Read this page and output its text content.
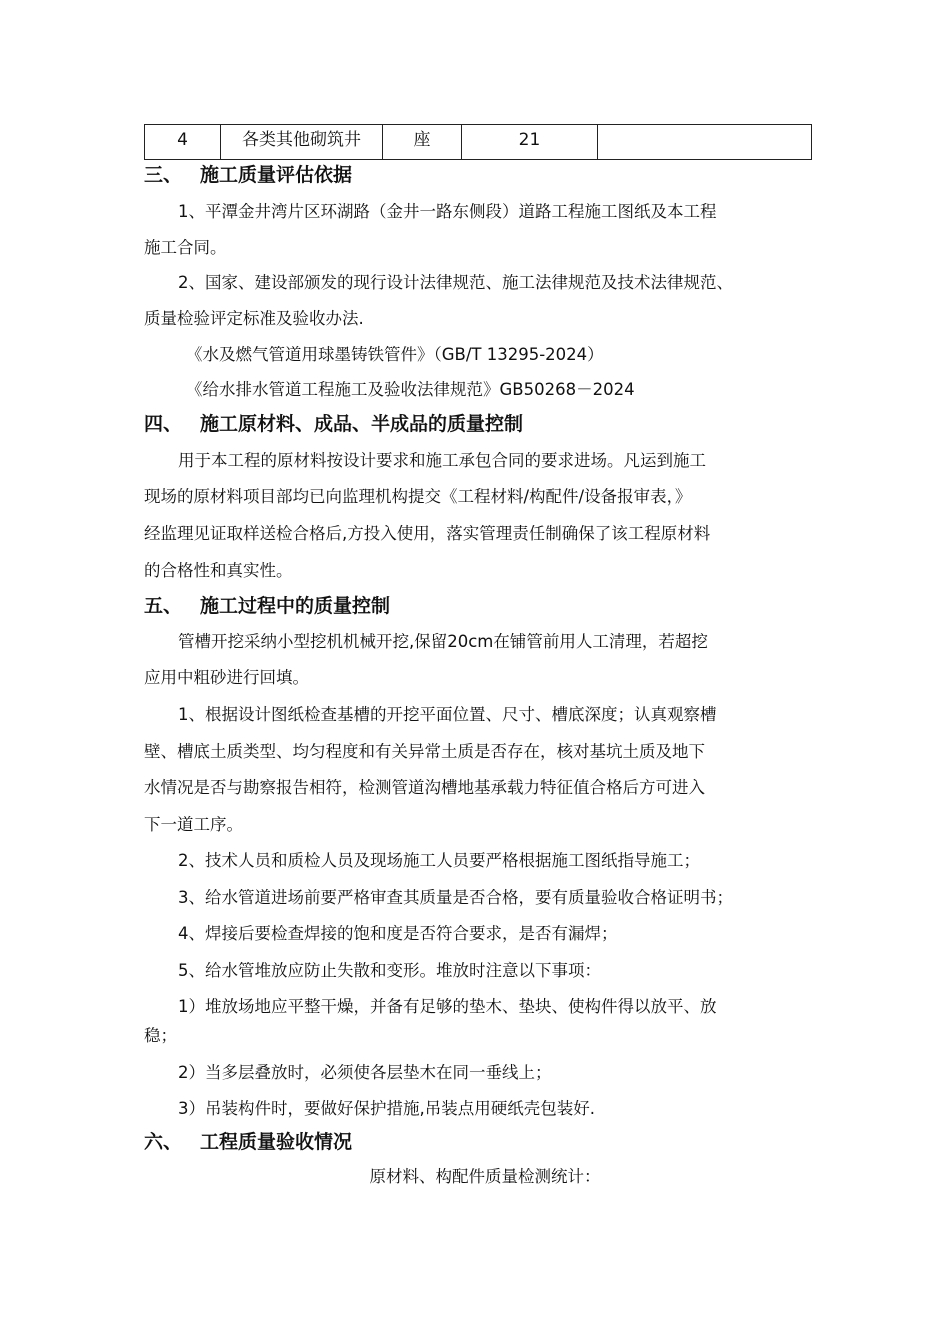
4	各类其他砌筑井	座	21	
三、 施工质量评估依据
1、平潭金井湾片区环湖路（金井一路东侧段）道路工程施工图纸及本工程
施工合同。
2、国家、建设部颁发的现行设计法律规范、施工法律规范及技术法律规范、
质量检验评定标准及验收办法.
《水及燃气管道用球墨铸铁管件》（GB/T 13295-2024）
《给水排水管道工程施工及验收法律规范》GB50268－2024
四、 施工原材料、成品、半成品的质量控制
用于本工程的原材料按设计要求和施工承包合同的要求进场。凡运到施工
现场的原材料项目部均已向监理机构提交《工程材料/构配件/设备报审表，》
经监理见证取样送检合格后,方投入使用，落实管理责任制确保了该工程原材料
的合格性和真实性。
五、 施工过程中的质量控制
管槽开挖采纳小型挖机机械开挖,保留20cm在铺管前用人工清理，若超挖
应用中粗砂进行回填。
1、根据设计图纸检查基槽的开挖平面位置、尺寸、槽底深度；认真观察槽
壁、槽底土质类型、均匀程度和有关异常土质是否存在，核对基坑土质及地下
水情况是否与勘察报告相符，检测管道沟槽地基承载力特征值合格后方可进入
下一道工序。
2、技术人员和质检人员及现场施工人员要严格根据施工图纸指导施工；
3、给水管道进场前要严格审查其质量是否合格，要有质量验收合格证明书；
4、焊接后要检查焊接的饱和度是否符合要求，是否有漏焊；
5、给水管堆放应防止失散和变形。堆放时注意以下事项：
1）堆放场地应平整干燥，并备有足够的垫木、垫块、使构件得以放平、放
稳；
2）当多层叠放时，必须使各层垫木在同一垂线上；
3）吊装构件时，要做好保护措施,吊装点用硬纸壳包装好.
六、 工程质量验收情况
原材料、构配件质量检测统计：
